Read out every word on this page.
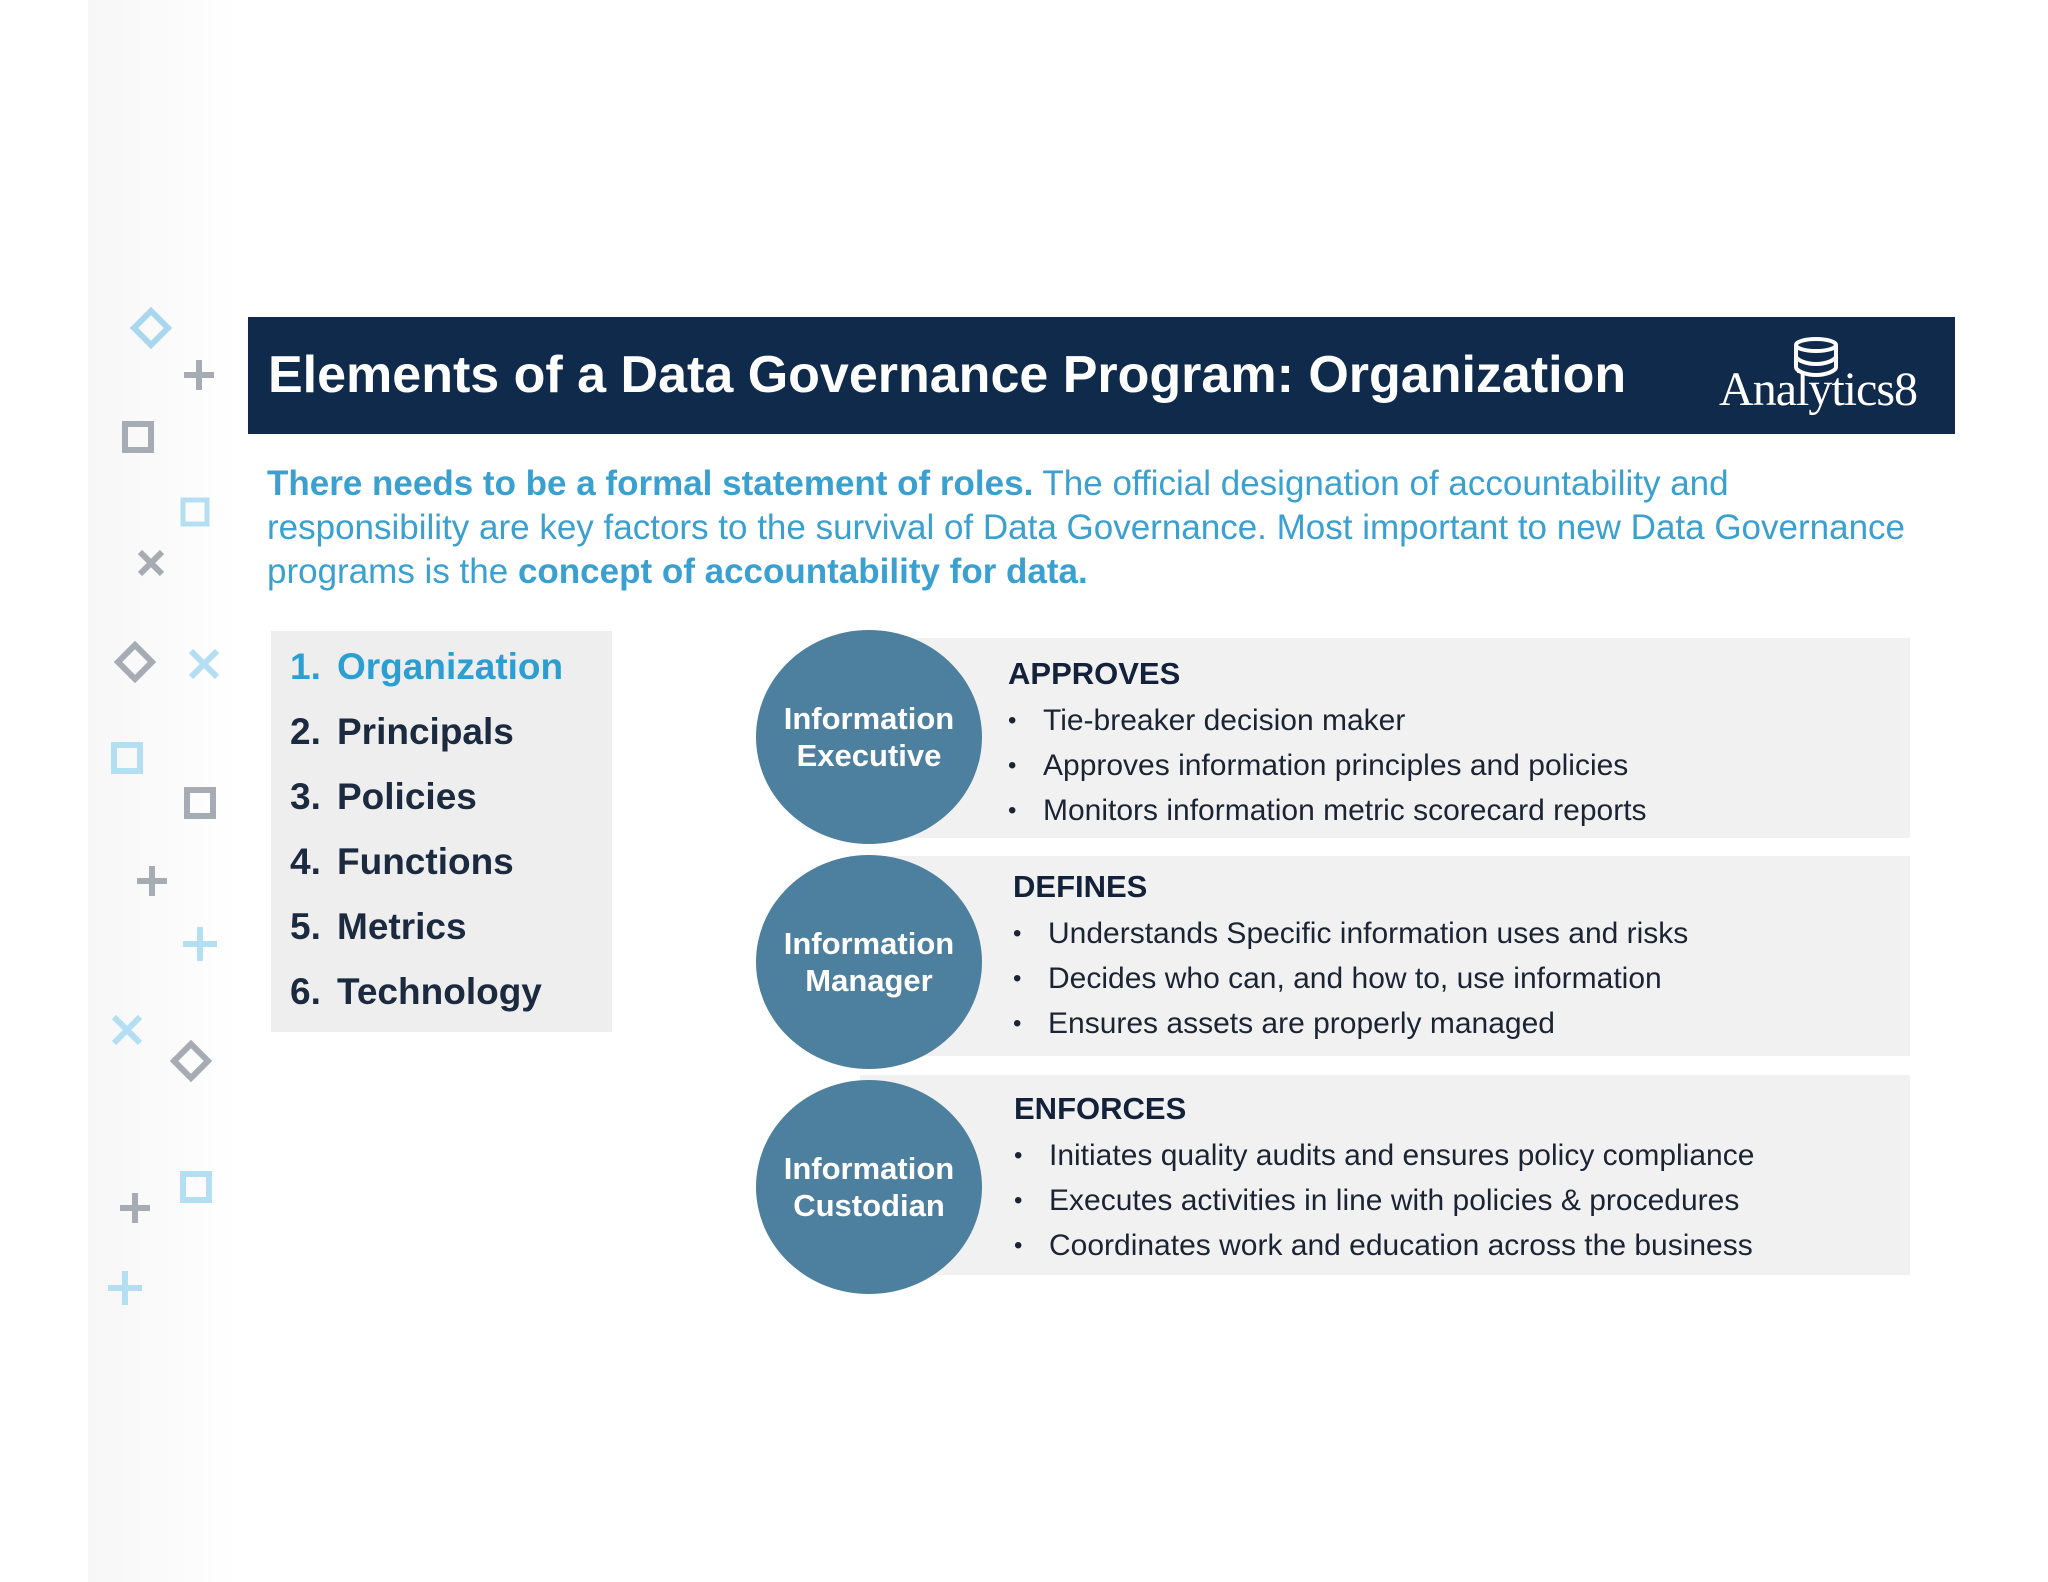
Elements of a Data Governance Program: Organization Analytics8
There needs to be a formal statement of roles. The official designation of accountability and responsibility are key factors to the survival of Data Governance. Most important to new Data Governance programs is the concept of accountability for data.
1. Organization
2. Principals
3. Policies
4. Functions
5. Metrics
6. Technology
Information
Executive
APPROVES
• Tie-breaker decision maker
• Approves information principles and policies
• Monitors information metric scorecard reports
Information
Manager
DEFINES
• Understands Specific information uses and risks
• Decides who can, and how to, use information
• Ensures assets are properly managed
Information
Custodian
ENFORCES
• Initiates quality audits and ensures policy compliance
• Executes activities in line with policies & procedures
• Coordinates work and education across the business
